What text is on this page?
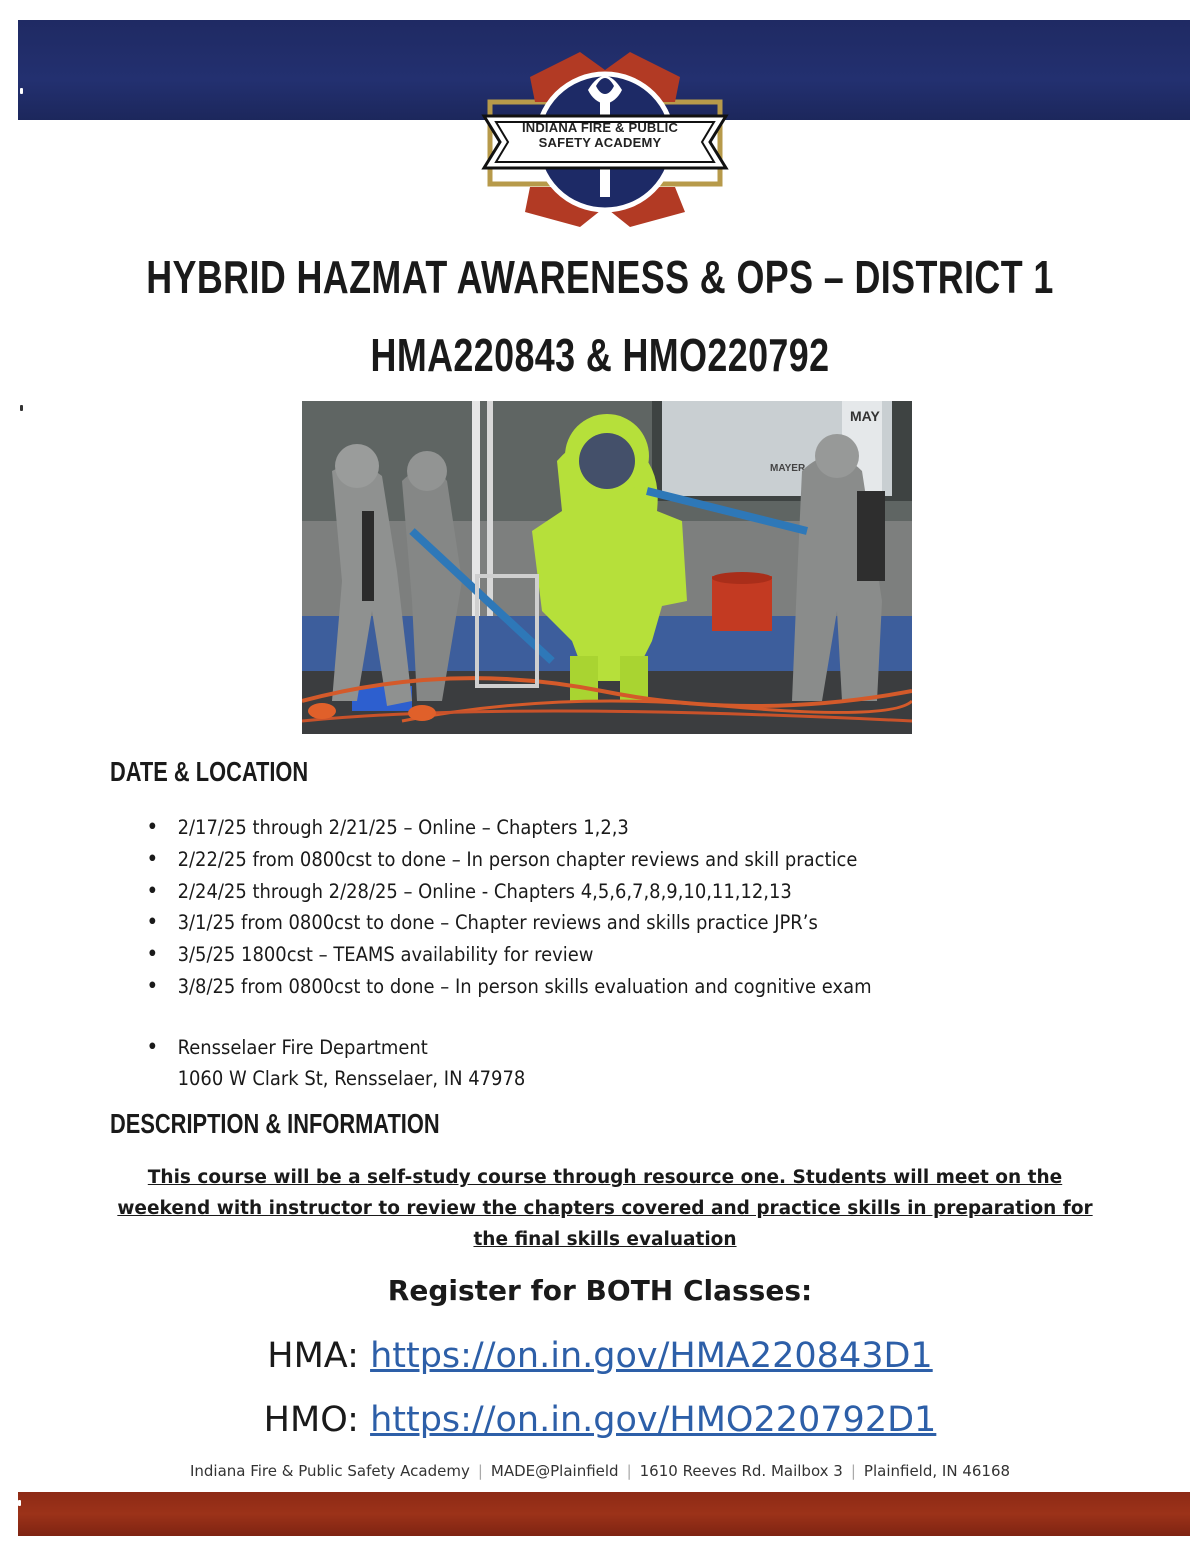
INDIANA FIRE & PUBLIC
SAFETY ACADEMY
HYBRID HAZMAT AWARENESS & OPS – DISTRICT 1
HMA220843 & HMO220792
MAY
MAYER
DATE & LOCATION
• 2/17/25 through 2/21/25 – Online – Chapters 1,2,3
• 2/22/25 from 0800cst to done – In person chapter reviews and skill practice
• 2/24/25 through 2/28/25 – Online - Chapters 4,5,6,7,8,9,10,11,12,13
• 3/1/25 from 0800cst to done – Chapter reviews and skills practice JPR’s
• 3/5/25 1800cst – TEAMS availability for review
• 3/8/25 from 0800cst to done – In person skills evaluation and cognitive exam
• Rensselaer Fire Department
1060 W Clark St, Rensselaer, IN 47978
DESCRIPTION & INFORMATION
This course will be a self-study course through resource one. Students will meet on the weekend with instructor to review the chapters covered and practice skills in preparation for the final skills evaluation
Register for BOTH Classes:
HMA: https://on.in.gov/HMA220843D1
HMO: https://on.in.gov/HMO220792D1
Indiana Fire & Public Safety Academy | MADE@Plainfield | 1610 Reeves Rd. Mailbox 3 | Plainfield, IN 46168
